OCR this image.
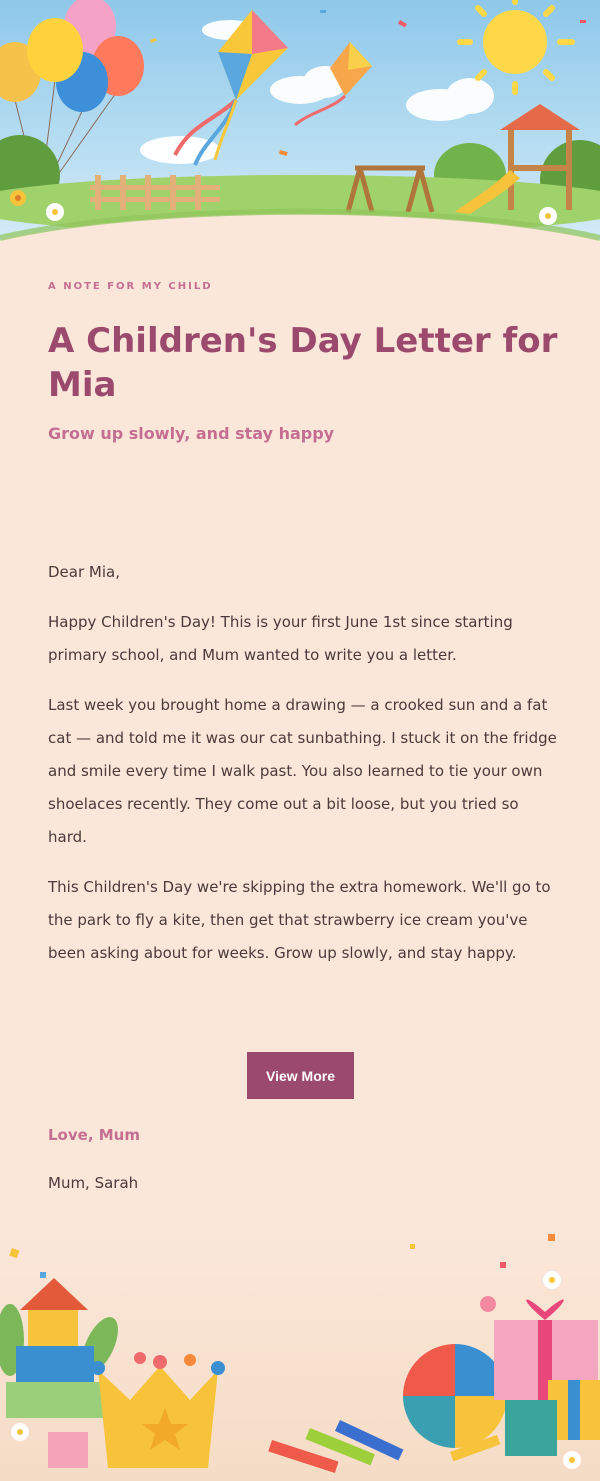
A NOTE FOR MY CHILD
A Children's Day Letter for Mia
Grow up slowly, and stay happy

Dear Mia,

Happy Children's Day! This is your first June 1st since starting primary school, and Mum wanted to write you a letter.

Last week you brought home a drawing — a crooked sun and a fat cat — and told me it was our cat sunbathing. I stuck it on the fridge and smile every time I walk past. You also learned to tie your own shoelaces recently. They come out a bit loose, but you tried so hard.

This Children's Day we're skipping the extra homework. We'll go to the park to fly a kite, then get that strawberry ice cream you've been asking about for weeks. Grow up slowly, and stay happy.

View More
Love, Mum
Mum, Sarah
